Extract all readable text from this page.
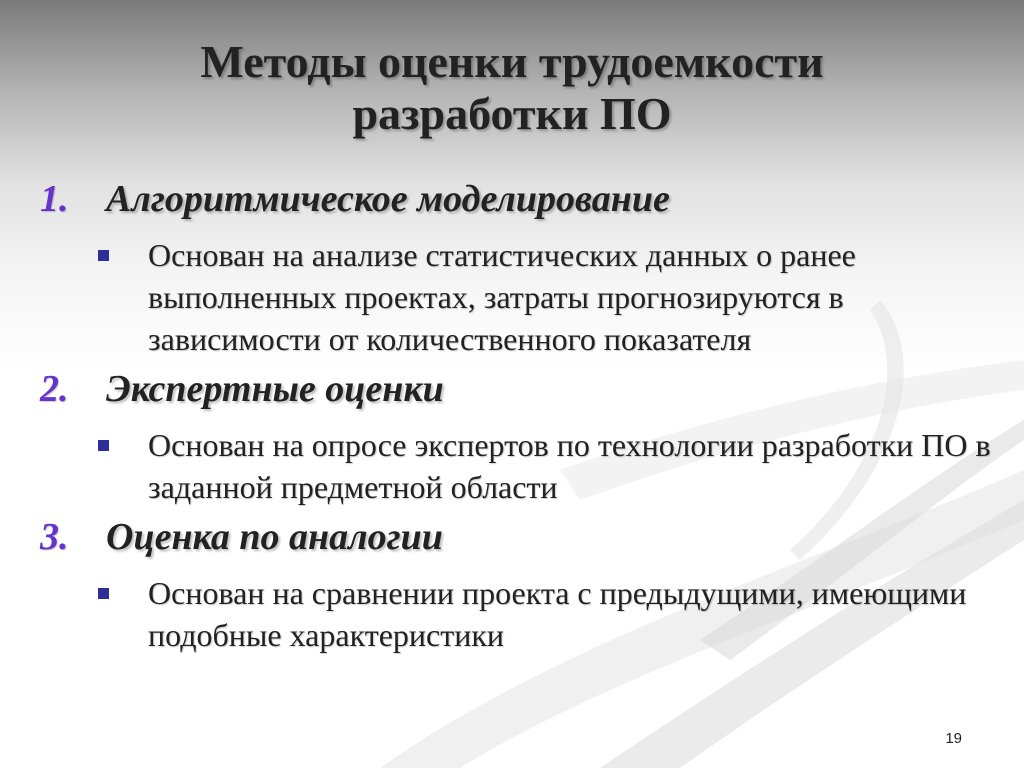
Методы оценки трудоемкости
разработки ПО
1. Алгоритмическое моделирование
Основан на анализе статистических данных о ранее выполненных проектах, затраты прогнозируются в зависимости от количественного показателя
2. Экспертные оценки
Основан на опросе экспертов по технологии разработки ПО в заданной предметной области
3. Оценка по аналогии
Основан на сравнении проекта с предыдущими, имеющими подобные характеристики
19
